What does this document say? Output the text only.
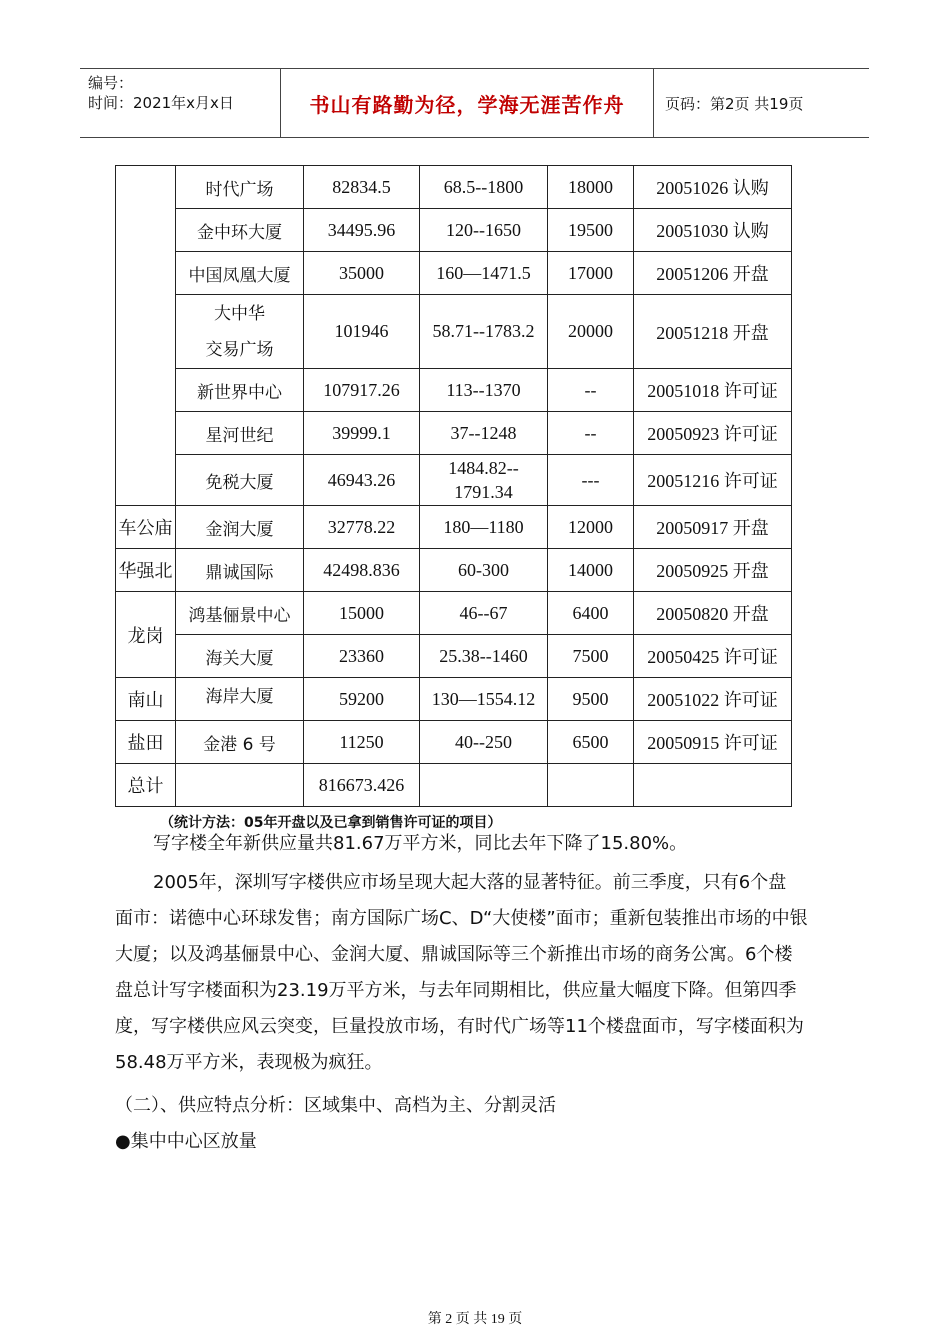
编号：
时间：2021年x月x日	书山有路勤为径，学海无涯苦作舟	页码：第2页 共19页
	时代广场	82834.5	68.5--1800	18000	20051026 认购
	金中环大厦	34495.96	120--1650	19500	20051030 认购
	中国凤凰大厦	35000	160—1471.5	17000	20051206 开盘

	大中华
交易广场	101946	58.71--1783.2	20000	20051218 开盘
	新世界中心	107917.26	113--1370	--	20051018 许可证
	星河世纪	39999.1	37--1248	--	20050923 许可证
	免税大厦	46943.26	1484.82--
1791.34	---	20051216 许可证
车公庙	金润大厦	32778.22	180—1180	12000	20050917 开盘
华强北	鼎诚国际	42498.836	60-300	14000	20050925 开盘
龙岗	鸿基俪景中心	15000	46--67	6400	20050820 开盘
	海关大厦	23360	25.38--1460	7500	20050425 许可证
南山	海岸大厦	59200	130—1554.12	9500	20051022 许可证
盐田	金港 6 号	11250	40--250	6500	20050915 许可证
总计		816673.426			
（统计方法：05年开盘以及已拿到销售许可证的项目）
写字楼全年新供应量共81.67万平方米，同比去年下降了15.80%。
2005年，深圳写字楼供应市场呈现大起大落的显著特征。前三季度，只有6个盘
面市：诺德中心环球发售；南方国际广场C、D“大使楼”面市；重新包装推出市场的中银
大厦；以及鸿基俪景中心、金润大厦、鼎诚国际等三个新推出市场的商务公寓。6个楼
盘总计写字楼面积为23.19万平方米，与去年同期相比，供应量大幅度下降。但第四季
度，写字楼供应风云突变，巨量投放市场，有时代广场等11个楼盘面市，写字楼面积为
58.48万平方米，表现极为疯狂。
（二）、供应特点分析：区域集中、高档为主、分割灵活
●集中中心区放量
第 2 页 共 19 页
